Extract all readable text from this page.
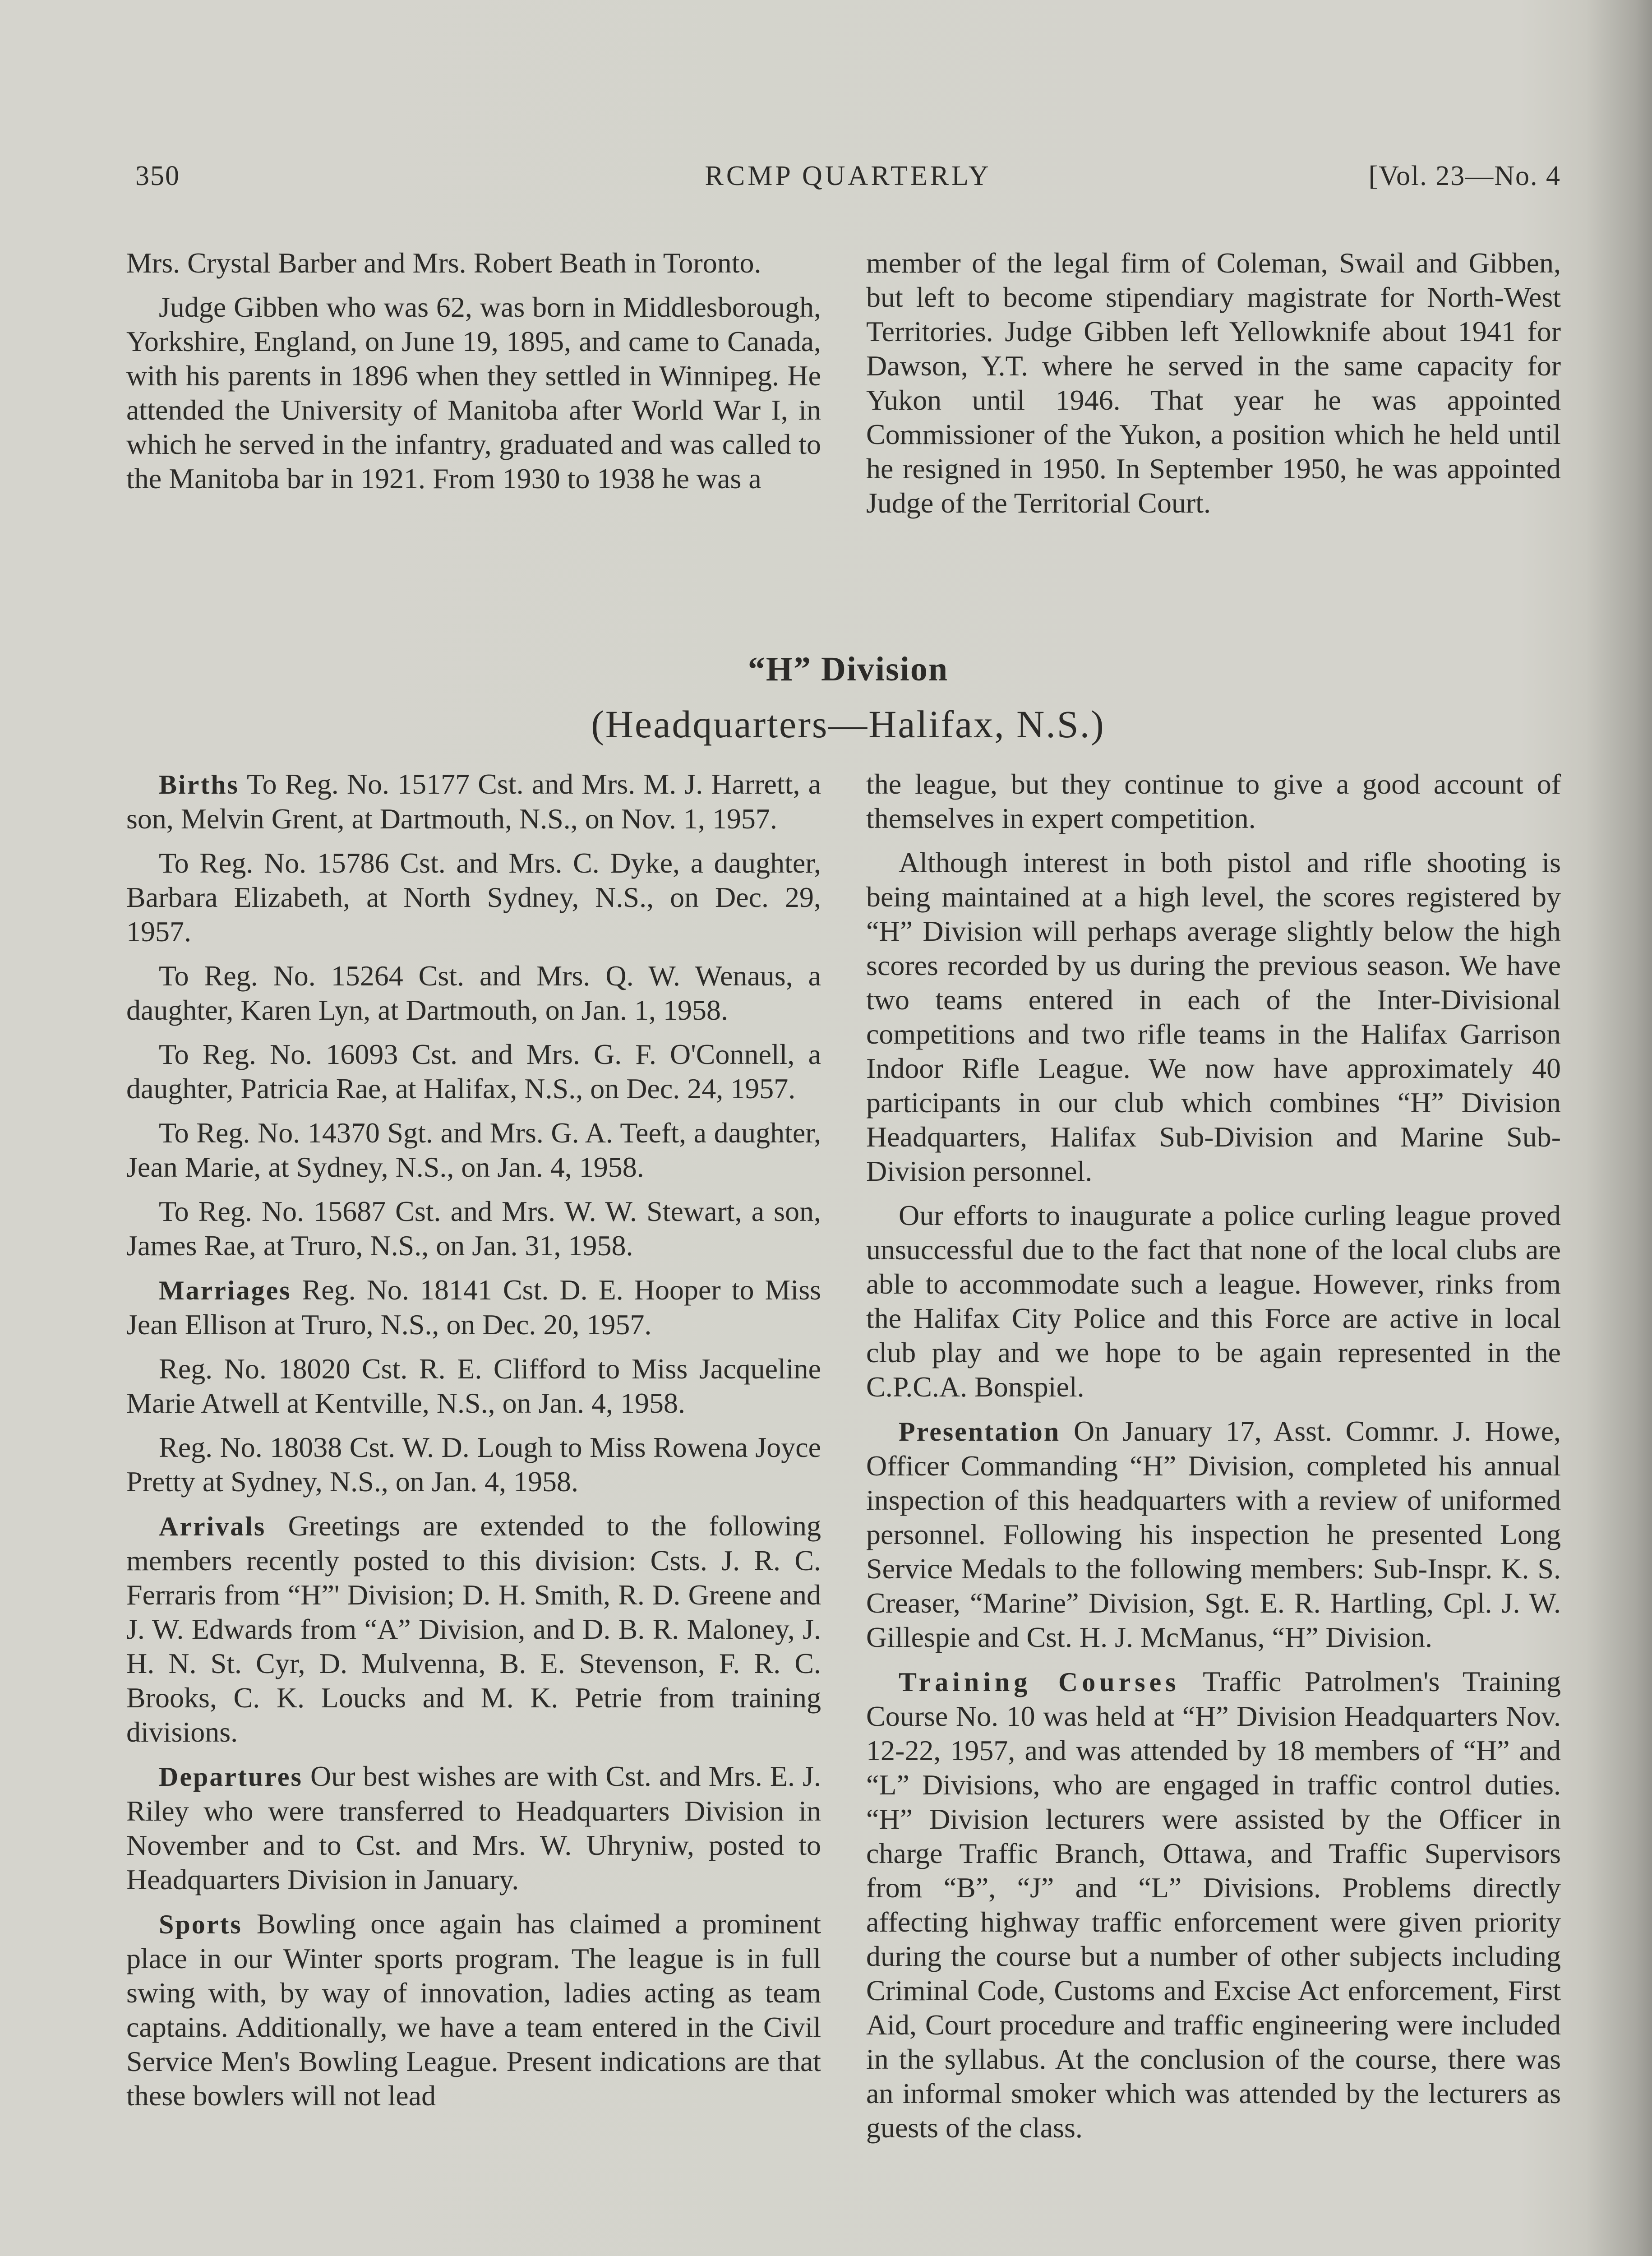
350	RCMP QUARTERLY	[Vol. 23—No. 4

Mrs. Crystal Barber and Mrs. Robert Beath in Toronto.

Judge Gibben who was 62, was born in Middlesborough, Yorkshire, England, on June 19, 1895, and came to Canada, with his parents in 1896 when they settled in Winnipeg. He attended the University of Manitoba after World War I, in which he served in the infantry, graduated and was called to the Manitoba bar in 1921. From 1930 to 1938 he was a

member of the legal firm of Coleman, Swail and Gibben, but left to become stipendiary magistrate for North-West Territories. Judge Gibben left Yellowknife about 1941 for Dawson, Y.T. where he served in the same capacity for Yukon until 1946. That year he was appointed Commissioner of the Yukon, a position which he held until he resigned in 1950. In September 1950, he was appointed Judge of the Territorial Court.

“H” Division
(Headquarters—Halifax, N.S.)

Births To Reg. No. 15177 Cst. and Mrs. M. J. Harrett, a son, Melvin Grent, at Dartmouth, N.S., on Nov. 1, 1957.

To Reg. No. 15786 Cst. and Mrs. C. Dyke, a daughter, Barbara Elizabeth, at North Sydney, N.S., on Dec. 29, 1957.

To Reg. No. 15264 Cst. and Mrs. Q. W. Wenaus, a daughter, Karen Lyn, at Dartmouth, on Jan. 1, 1958.

To Reg. No. 16093 Cst. and Mrs. G. F. O'Connell, a daughter, Patricia Rae, at Halifax, N.S., on Dec. 24, 1957.

To Reg. No. 14370 Sgt. and Mrs. G. A. Teeft, a daughter, Jean Marie, at Sydney, N.S., on Jan. 4, 1958.

To Reg. No. 15687 Cst. and Mrs. W. W. Stewart, a son, James Rae, at Truro, N.S., on Jan. 31, 1958.

Marriages Reg. No. 18141 Cst. D. E. Hooper to Miss Jean Ellison at Truro, N.S., on Dec. 20, 1957.

Reg. No. 18020 Cst. R. E. Clifford to Miss Jacqueline Marie Atwell at Kentville, N.S., on Jan. 4, 1958.

Reg. No. 18038 Cst. W. D. Lough to Miss Rowena Joyce Pretty at Sydney, N.S., on Jan. 4, 1958.

Arrivals Greetings are extended to the following members recently posted to this division: Csts. J. R. C. Ferraris from “H”' Division; D. H. Smith, R. D. Greene and J. W. Edwards from “A” Division, and D. B. R. Maloney, J. H. N. St. Cyr, D. Mulvenna, B. E. Stevenson, F. R. C. Brooks, C. K. Loucks and M. K. Petrie from training divisions.

Departures Our best wishes are with Cst. and Mrs. E. J. Riley who were transferred to Headquarters Division in November and to Cst. and Mrs. W. Uhryniw, posted to Headquarters Division in January.

Sports Bowling once again has claimed a prominent place in our Winter sports program. The league is in full swing with, by way of innovation, ladies acting as team captains. Additionally, we have a team entered in the Civil Service Men's Bowling League. Present indications are that these bowlers will not lead

the league, but they continue to give a good account of themselves in expert competition.

Although interest in both pistol and rifle shooting is being maintained at a high level, the scores registered by “H” Division will perhaps average slightly below the high scores recorded by us during the previous season. We have two teams entered in each of the Inter-Divisional competitions and two rifle teams in the Halifax Garrison Indoor Rifle League. We now have approximately 40 participants in our club which combines “H” Division Headquarters, Halifax Sub-Division and Marine Sub-Division personnel.

Our efforts to inaugurate a police curling league proved unsuccessful due to the fact that none of the local clubs are able to accommodate such a league. However, rinks from the Halifax City Police and this Force are active in local club play and we hope to be again represented in the C.P.C.A. Bonspiel.

Presentation On January 17, Asst. Commr. J. Howe, Officer Commanding “H” Division, completed his annual inspection of this headquarters with a review of uniformed personnel. Following his inspection he presented Long Service Medals to the following members: Sub-Inspr. K. S. Creaser, “Marine” Division, Sgt. E. R. Hartling, Cpl. J. W. Gillespie and Cst. H. J. McManus, “H” Division.

Training Courses Traffic Patrolmen's Training Course No. 10 was held at “H” Division Headquarters Nov. 12-22, 1957, and was attended by 18 members of “H” and “L” Divisions, who are engaged in traffic control duties. “H” Division lecturers were assisted by the Officer in charge Traffic Branch, Ottawa, and Traffic Supervisors from “B”, “J” and “L” Divisions. Problems directly affecting highway traffic enforcement were given priority during the course but a number of other subjects including Criminal Code, Customs and Excise Act enforcement, First Aid, Court procedure and traffic engineering were included in the syllabus. At the conclusion of the course, there was an informal smoker which was attended by the lecturers as guests of the class.
